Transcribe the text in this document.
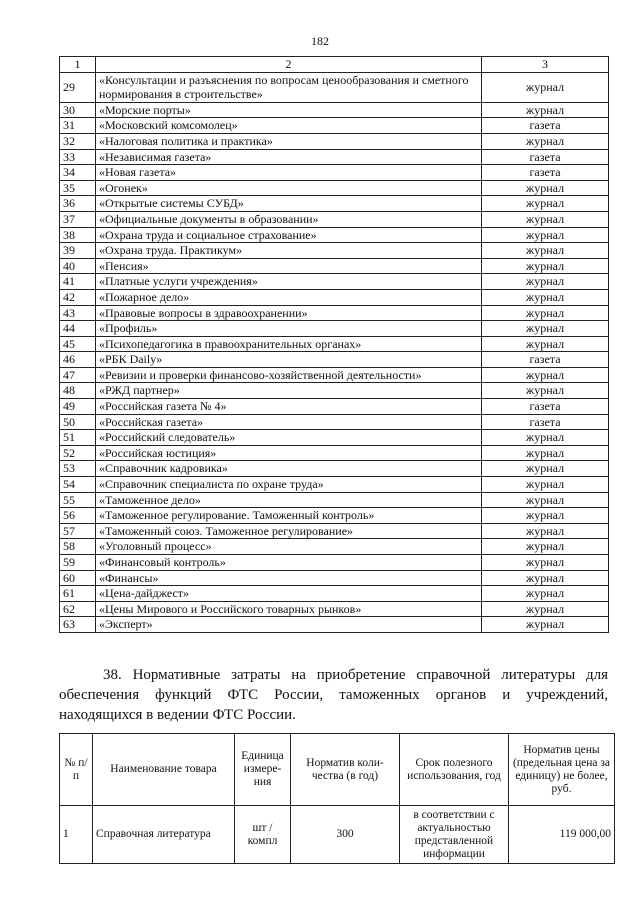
182
1	2	3
29	«Консультации и разъяснения по вопросам ценообразования и сметного нормирования в строительстве»	журнал
30	«Морские порты»	журнал
31	«Московский комсомолец»	газета
32	«Налоговая политика и практика»	журнал
33	«Независимая газета»	газета
34	«Новая газета»	газета
35	«Огонек»	журнал
36	«Открытые системы СУБД»	журнал
37	«Официальные документы в образовании»	журнал
38	«Охрана труда и социальное страхование»	журнал
39	«Охрана труда. Практикум»	журнал
40	«Пенсия»	журнал
41	«Платные услуги учреждения»	журнал
42	«Пожарное дело»	журнал
43	«Правовые вопросы в здравоохранении»	журнал
44	«Профиль»	журнал
45	«Психопедагогика в правоохранительных органах»	журнал
46	«РБК Daily»	газета
47	«Ревизии и проверки финансово-хозяйственной деятельности»	журнал
48	«РЖД партнер»	журнал
49	«Российская газета № 4»	газета
50	«Российская газета»	газета
51	«Российский следователь»	журнал
52	«Российская юстиция»	журнал
53	«Справочник кадровика»	журнал
54	«Справочник специалиста по охране труда»	журнал
55	«Таможенное дело»	журнал
56	«Таможенное регулирование. Таможенный контроль»	журнал
57	«Таможенный союз. Таможенное регулирование»	журнал
58	«Уголовный процесс»	журнал
59	«Финансовый контроль»	журнал
60	«Финансы»	журнал
61	«Цена-дайджест»	журнал
62	«Цены Мирового и Российского товарных рынков»	журнал
63	«Эксперт»	журнал
38. Нормативные затраты на приобретение справочной литературы для обеспечения функций ФТС России, таможенных органов и учреждений, находящихся в ведении ФТС России.
№ п/п	Наименование товара	Единица измерения	Норматив количества (в год)	Срок полезного использования, год	Норматив цены (предельная цена за единицу) не более, руб.
1	Справочная литература	шт / компл	300	в соответствии с актуальностью представленной информации	119 000,00
